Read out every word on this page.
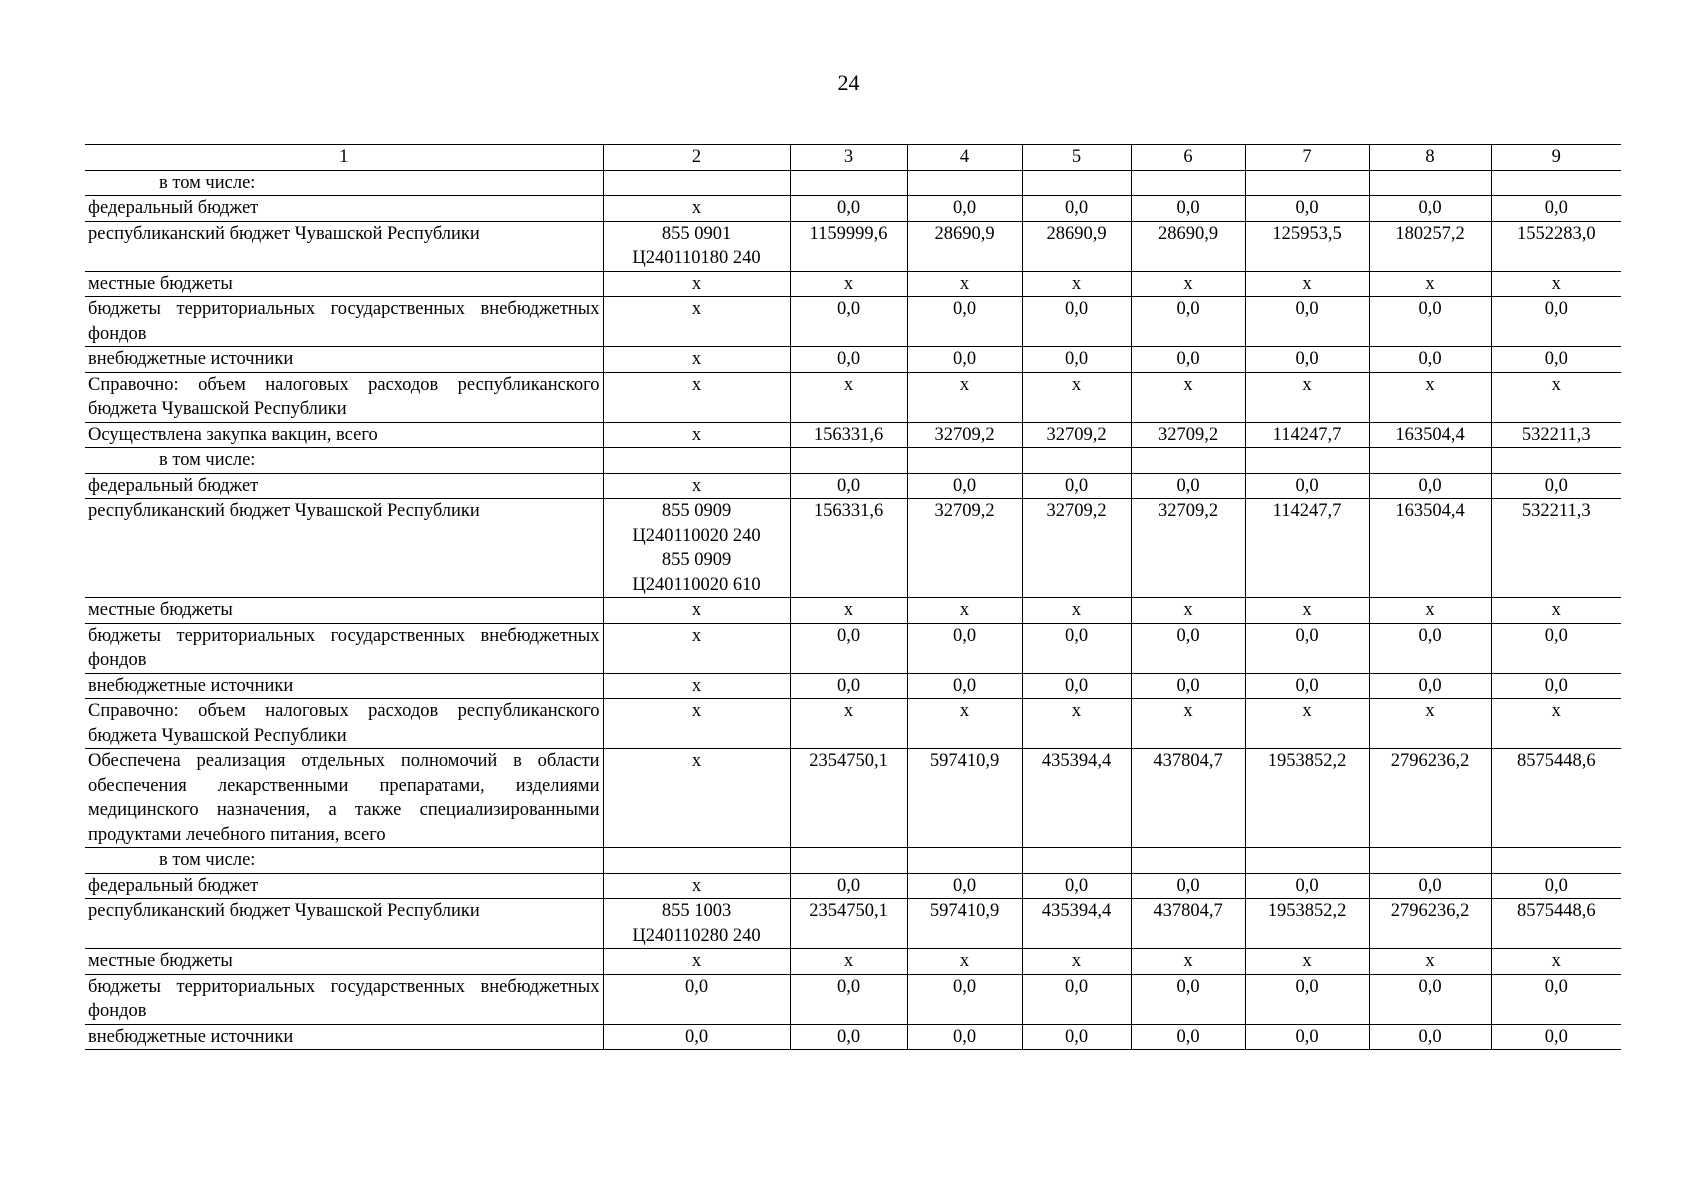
24
1	2	3	4	5	6	7	8	9
в том числе:								
федеральный бюджет	х	0,0	0,0	0,0	0,0	0,0	0,0	0,0
республиканский бюджет Чувашской Республики	855 0901
Ц240110180 240	1159999,6	28690,9	28690,9	28690,9	125953,5	180257,2	1552283,0
местные бюджеты	х	х	х	х	х	х	х	х
бюджеты территориальных государственных внебюджетных фондов	х	0,0	0,0	0,0	0,0	0,0	0,0	0,0
внебюджетные источники	х	0,0	0,0	0,0	0,0	0,0	0,0	0,0
Справочно: объем налоговых расходов республиканского бюджета Чувашской Республики	х	х	х	х	х	х	х	х
Осуществлена закупка вакцин, всего	х	156331,6	32709,2	32709,2	32709,2	114247,7	163504,4	532211,3
в том числе:								
федеральный бюджет	х	0,0	0,0	0,0	0,0	0,0	0,0	0,0
республиканский бюджет Чувашской Республики	855 0909
Ц240110020 240
855 0909
Ц240110020 610	156331,6	32709,2	32709,2	32709,2	114247,7	163504,4	532211,3
местные бюджеты	х	х	х	х	х	х	х	х
бюджеты территориальных государственных внебюджетных фондов	х	0,0	0,0	0,0	0,0	0,0	0,0	0,0
внебюджетные источники	х	0,0	0,0	0,0	0,0	0,0	0,0	0,0
Справочно: объем налоговых расходов республиканского бюджета Чувашской Республики	х	х	х	х	х	х	х	х
Обеспечена реализация отдельных полномочий в области обеспечения лекарственными препаратами, изделиями медицинского назначения, а также специализированными продуктами лечебного питания, всего	х	2354750,1	597410,9	435394,4	437804,7	1953852,2	2796236,2	8575448,6
в том числе:								
федеральный бюджет	х	0,0	0,0	0,0	0,0	0,0	0,0	0,0
республиканский бюджет Чувашской Республики	855 1003
Ц240110280 240	2354750,1	597410,9	435394,4	437804,7	1953852,2	2796236,2	8575448,6
местные бюджеты	х	х	х	х	х	х	х	х
бюджеты территориальных государственных внебюджетных фондов	0,0	0,0	0,0	0,0	0,0	0,0	0,0	0,0
внебюджетные источники	0,0	0,0	0,0	0,0	0,0	0,0	0,0	0,0
